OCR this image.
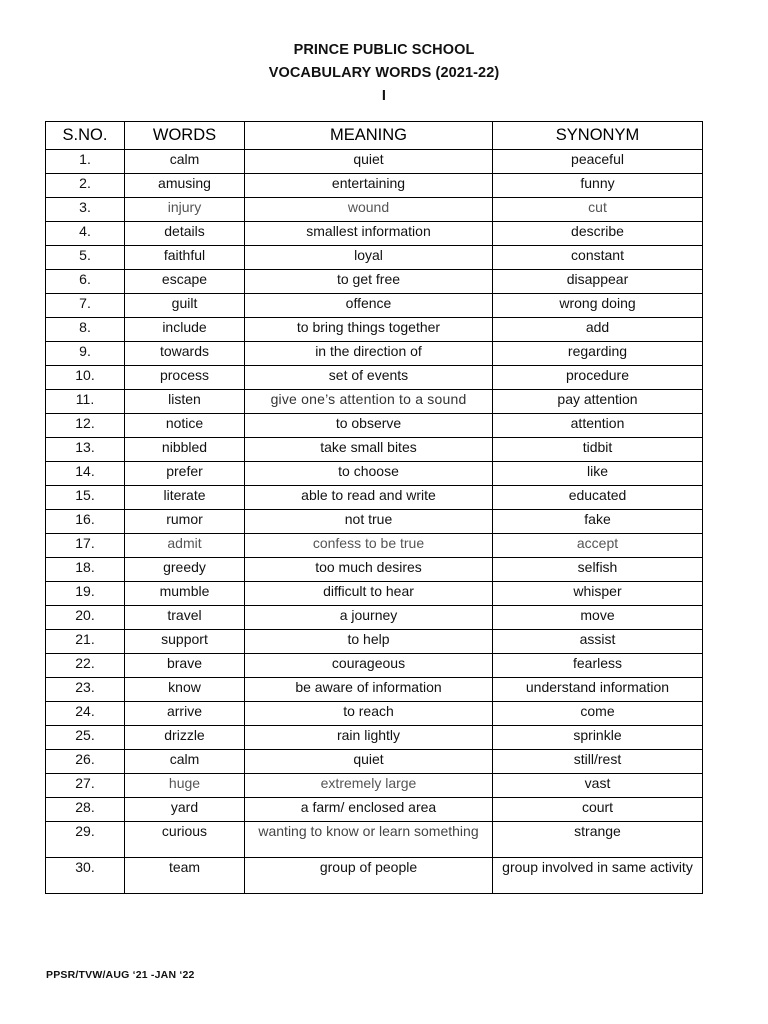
PRINCE PUBLIC SCHOOL
VOCABULARY WORDS (2021-22)
I
S.NO.	WORDS	MEANING	SYNONYM
1.	calm	quiet	peaceful
2.	amusing	entertaining	funny
3.	injury	wound	cut
4.	details	smallest information	describe
5.	faithful	loyal	constant
6.	escape	to get free	disappear
7.	guilt	offence	wrong doing
8.	include	to bring things together	add
9.	towards	in the direction of	regarding
10.	process	set of events	procedure
11.	listen	give one’s attention to a sound	pay attention
12.	notice	to observe	attention
13.	nibbled	take small bites	tidbit
14.	prefer	to choose	like
15.	literate	able to read and write	educated
16.	rumor	not true	fake
17.	admit	confess to be true	accept
18.	greedy	too much desires	selfish
19.	mumble	difficult to hear	whisper
20.	travel	a journey	move
21.	support	to help	assist
22.	brave	courageous	fearless
23.	know	be aware of information	understand information
24.	arrive	to reach	come
25.	drizzle	rain lightly	sprinkle
26.	calm	quiet	still/rest
27.	huge	extremely large	vast
28.	yard	a farm/ enclosed area	court
29.	curious	wanting to know or learn something	strange
30.	team	group of people	group involved in same activity
PPSR/TVW/AUG ‘21 -JAN ‘22
